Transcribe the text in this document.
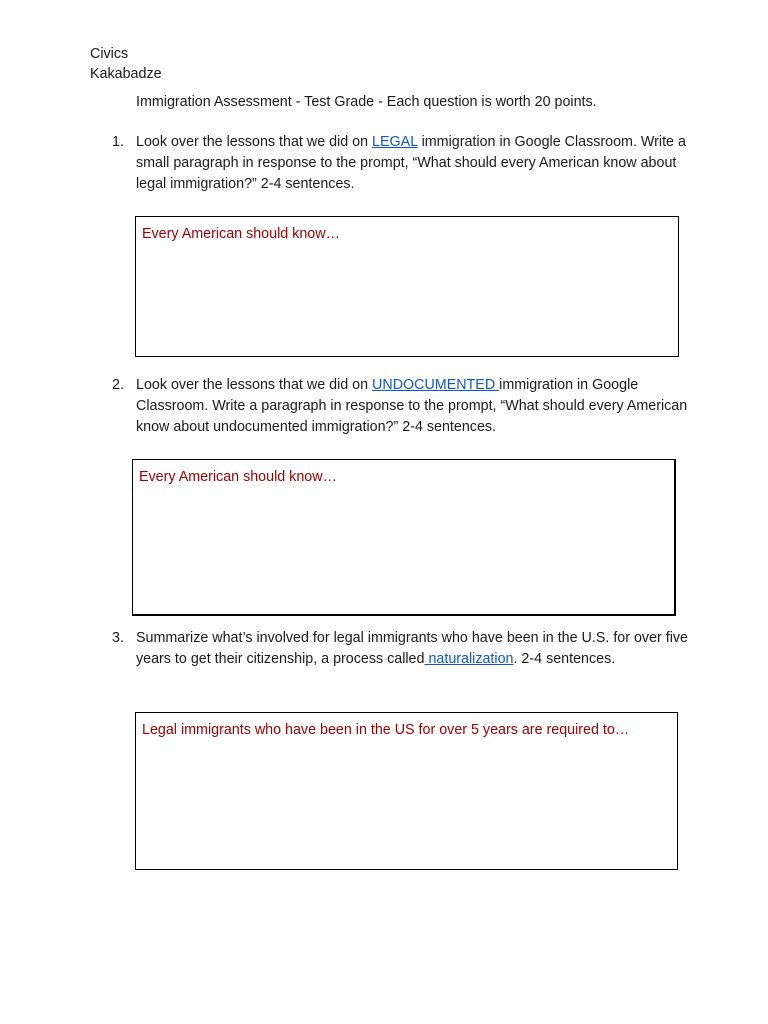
Civics
Kakabadze
Immigration Assessment - Test Grade - Each question is worth 20 points.
1. Look over the lessons that we did on LEGAL immigration in Google Classroom. Write a small paragraph in response to the prompt, “What should every American know about legal immigration?” 2-4 sentences.
Every American should know…
2. Look over the lessons that we did on UNDOCUMENTED immigration in Google Classroom. Write a paragraph in response to the prompt, “What should every American know about undocumented immigration?” 2-4 sentences.
Every American should know…
3. Summarize what’s involved for legal immigrants who have been in the U.S. for over five years to get their citizenship, a process called naturalization. 2-4 sentences.
Legal immigrants who have been in the US for over 5 years are required to…
